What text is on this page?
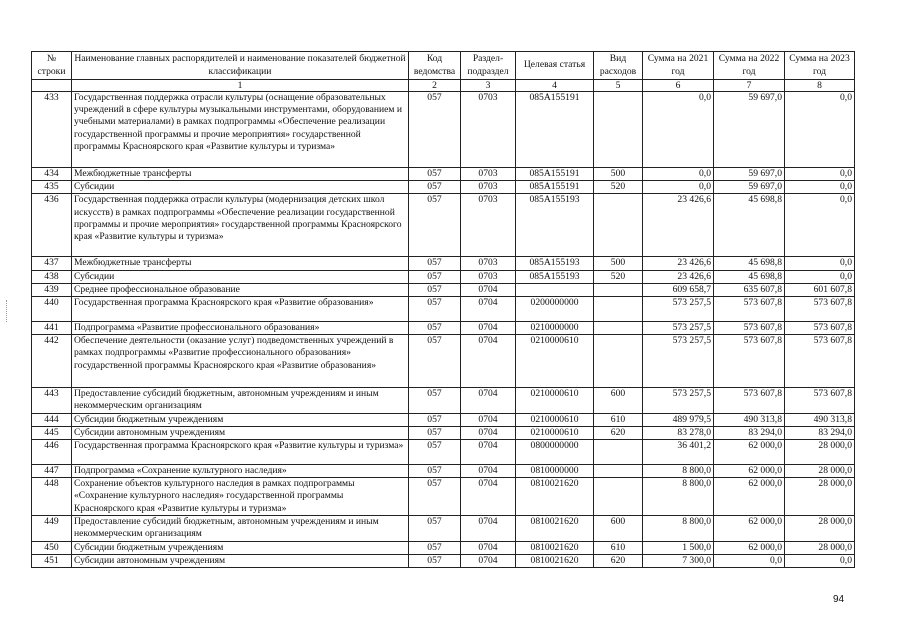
№ строки	Наименование главных распорядителей и наименование показателей бюджетной классификации	Код ведомства	Раздел-подраздел	Целевая статья	Вид расходов	Сумма на 2021 год	Сумма на 2022 год	Сумма на 2023 год
	1	2	3	4	5	6	7	8
433	Государственная поддержка отрасли культуры (оснащение образовательных учреждений в сфере культуры музыкальными инструментами, оборудованием и учебными материалами) в рамках подпрограммы «Обеспечение реализации государственной программы и прочие мероприятия» государственной программы Красноярского края «Развитие культуры и туризма»	057	0703	085A155191		0,0	59 697,0	0,0
434	Межбюджетные трансферты	057	0703	085A155191	500	0,0	59 697,0	0,0
435	Субсидии	057	0703	085A155191	520	0,0	59 697,0	0,0
436	Государственная поддержка отрасли культуры (модернизация детских школ искусств) в рамках подпрограммы «Обеспечение реализации государственной программы и прочие мероприятия» государственной программы Красноярского края «Развитие культуры и туризма»	057	0703	085A155193		23 426,6	45 698,8	0,0
437	Межбюджетные трансферты	057	0703	085A155193	500	23 426,6	45 698,8	0,0
438	Субсидии	057	0703	085A155193	520	23 426,6	45 698,8	0,0
439	Среднее профессиональное образование	057	0704			609 658,7	635 607,8	601 607,8
440	Государственная программа Красноярского края «Развитие образования»	057	0704	0200000000		573 257,5	573 607,8	573 607,8
441	Подпрограмма «Развитие профессионального образования»	057	0704	0210000000		573 257,5	573 607,8	573 607,8
442	Обеспечение деятельности (оказание услуг) подведомственных учреждений в рамках подпрограммы «Развитие профессионального образования» государственной программы Красноярского края «Развитие образования»	057	0704	0210000610		573 257,5	573 607,8	573 607,8
443	Предоставление субсидий бюджетным, автономным учреждениям и иным некоммерческим организациям	057	0704	0210000610	600	573 257,5	573 607,8	573 607,8
444	Субсидии бюджетным учреждениям	057	0704	0210000610	610	489 979,5	490 313,8	490 313,8
445	Субсидии автономным учреждениям	057	0704	0210000610	620	83 278,0	83 294,0	83 294,0
446	Государственная программа Красноярского края «Развитие культуры и туризма»	057	0704	0800000000		36 401,2	62 000,0	28 000,0
447	Подпрограмма «Сохранение культурного наследия»	057	0704	0810000000		8 800,0	62 000,0	28 000,0
448	Сохранение объектов культурного наследия в рамках подпрограммы «Сохранение культурного наследия» государственной программы Красноярского края «Развитие культуры и туризма»	057	0704	0810021620		8 800,0	62 000,0	28 000,0
449	Предоставление субсидий бюджетным, автономным учреждениям и иным некоммерческим организациям	057	0704	0810021620	600	8 800,0	62 000,0	28 000,0
450	Субсидии бюджетным учреждениям	057	0704	0810021620	610	1 500,0	62 000,0	28 000,0
451	Субсидии автономным учреждениям	057	0704	0810021620	620	7 300,0	0,0	0,0
94
